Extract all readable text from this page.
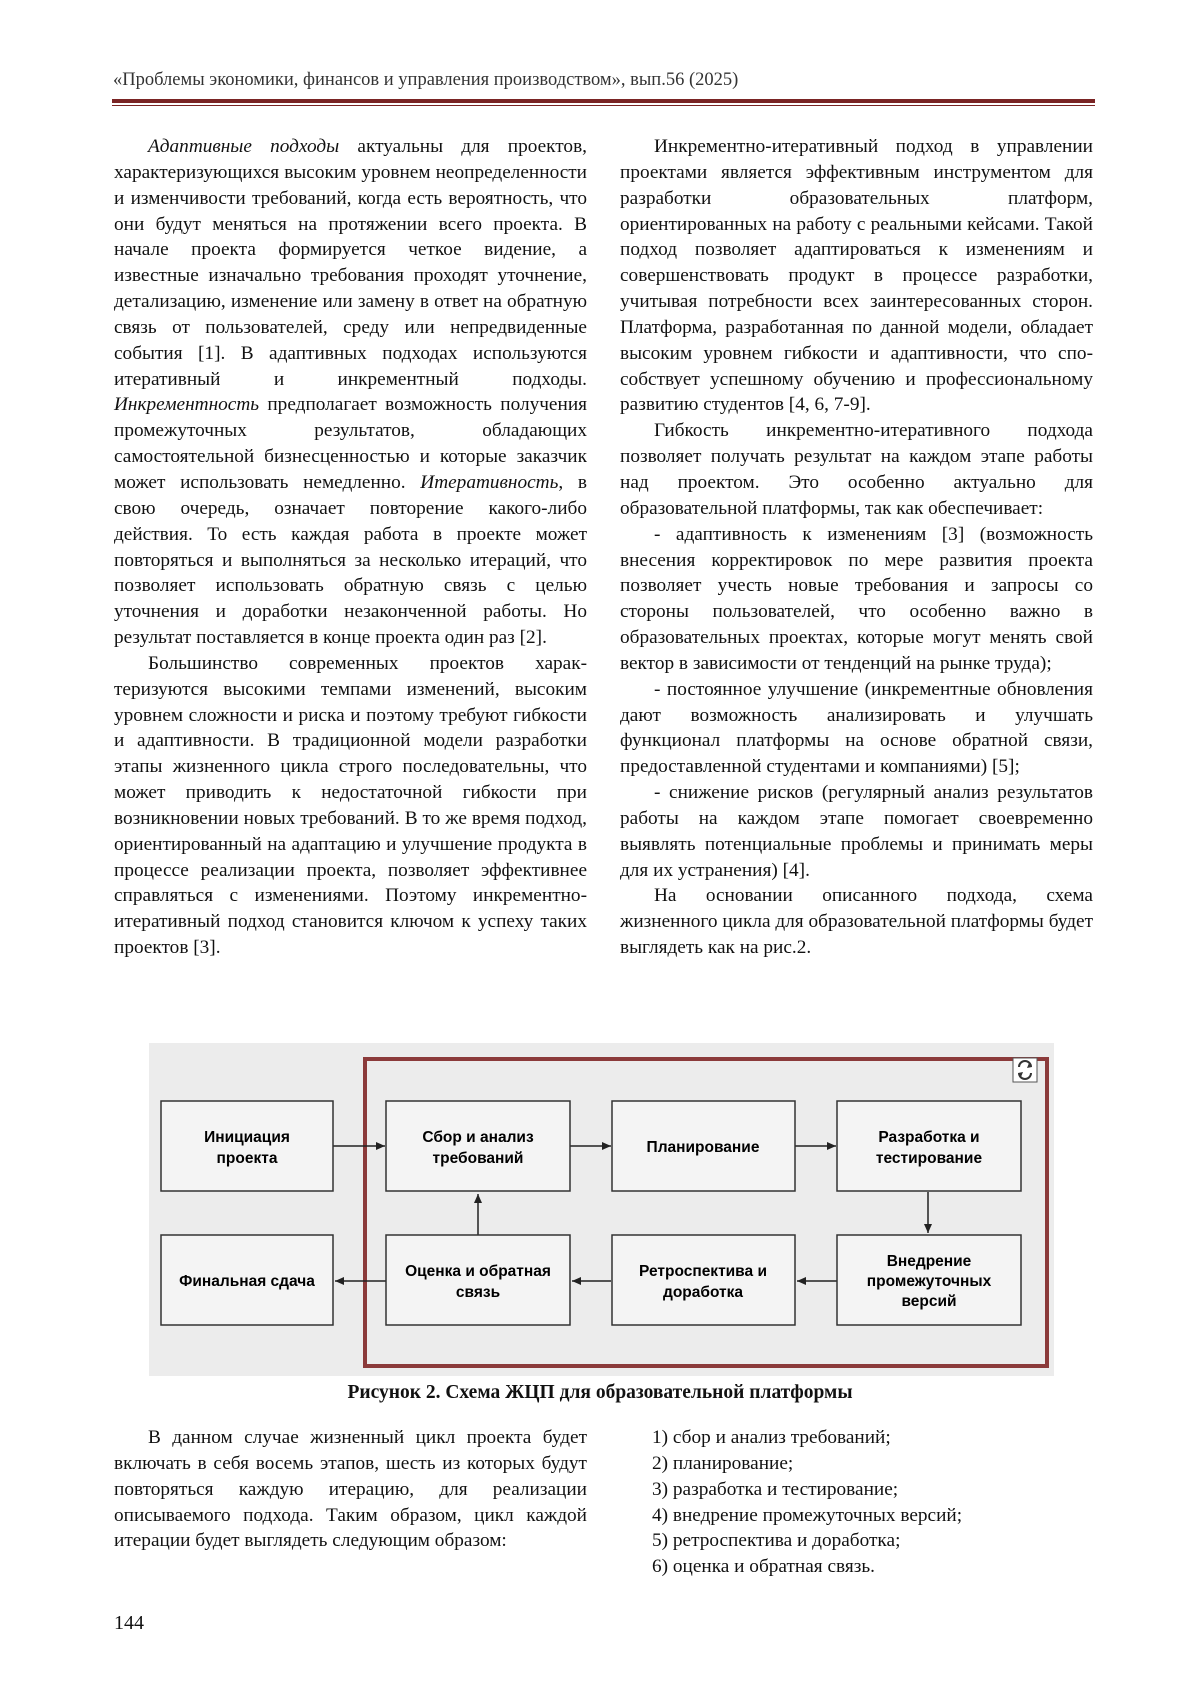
«Проблемы экономики, финансов и управления производством», вып.56 (2025)

Адаптивные подходы актуальны для проектов, характеризующихся высоким уровнем неопределенности и изменчивости требований, когда есть вероятность, что они будут меняться на протяжении всего проекта. В начале проекта формируется четкое видение, а известные изначально требования проходят уточнение, детализацию, изменение или замену в ответ на обратную связь от пользователей, среду или непредвиденные события [1]. В адаптивных подходах используются итеративный и инкрементный подходы. Инкрементность предполагает возможность получения промежуточных результатов, обладающих самостоятельной бизнесценностью и которые заказчик может использовать немедленно. Итеративность, в свою очередь, означает повторение какого-либо действия. То есть каждая работа в проекте может повторяться и выполняться за несколько итераций, что позволяет использовать обратную связь с целью уточнения и доработки незаконченной работы. Но результат поставляется в конце проекта один раз [2].

Большинство современных проектов характеризуются высокими темпами изменений, высоким уровнем сложности и риска и поэтому требуют гибкости и адаптивности. В традиционной модели разработки этапы жизненного цикла строго последовательны, что может приводить к недостаточной гибкости при возникновении новых требований. В то же время подход, ориентированный на адаптацию и улучшение продукта в процессе реализации проекта, позволяет эффективнее справляться с изменениями. Поэтому инкрементно-итеративный подход становится ключом к успеху таких проектов [3].

Инкрементно-итеративный подход в управлении проектами является эффективным инструментом для разработки образовательных платформ, ориентированных на работу с реальными кейсами. Такой подход позволяет адаптироваться к изменениям и совершенствовать продукт в процессе разработки, учитывая потребности всех заинтересованных сторон. Платформа, разработанная по данной модели, обладает высоким уровнем гибкости и адаптивности, что способствует успешному обучению и профессиональному развитию студентов [4, 6, 7-9].

Гибкость инкрементно-итеративного подхода позволяет получать результат на каждом этапе работы над проектом. Это особенно актуально для образовательной платформы, так как обеспечивает:

- адаптивность к изменениям [3] (возможность внесения корректировок по мере развития проекта позволяет учесть новые требования и запросы со стороны пользователей, что особенно важно в образовательных проектах, которые могут менять свой вектор в зависимости от тенденций на рынке труда);

- постоянное улучшение (инкрементные обновления дают возможность анализировать и улучшать функционал платформы на основе обратной связи, предоставленной студентами и компаниями) [5];

- снижение рисков (регулярный анализ результатов работы на каждом этапе помогает своевременно выявлять потенциальные проблемы и принимать меры для их устранения) [4].

На основании описанного подхода, схема жизненного цикла для образовательной платформы будет выглядеть как на рис.2.

Инициация проекта
Сбор и анализ требований
Планирование
Разработка и тестирование
Внедрение промежуточных версий
Ретроспектива и доработка
Оценка и обратная связь
Финальная сдача
Рисунок 2. Схема ЖЦП для образовательной платформы

В данном случае жизненный цикл проекта будет включать в себя восемь этапов, шесть из которых будут повторяться каждую итерацию, для реализации описываемого подхода. Таким образом, цикл каждой итерации будет выглядеть следующим образом:

1) сбор и анализ требований;

2) планирование;

3) разработка и тестирование;

4) внедрение промежуточных версий;

5) ретроспектива и доработка;

6) оценка и обратная связь.

144
